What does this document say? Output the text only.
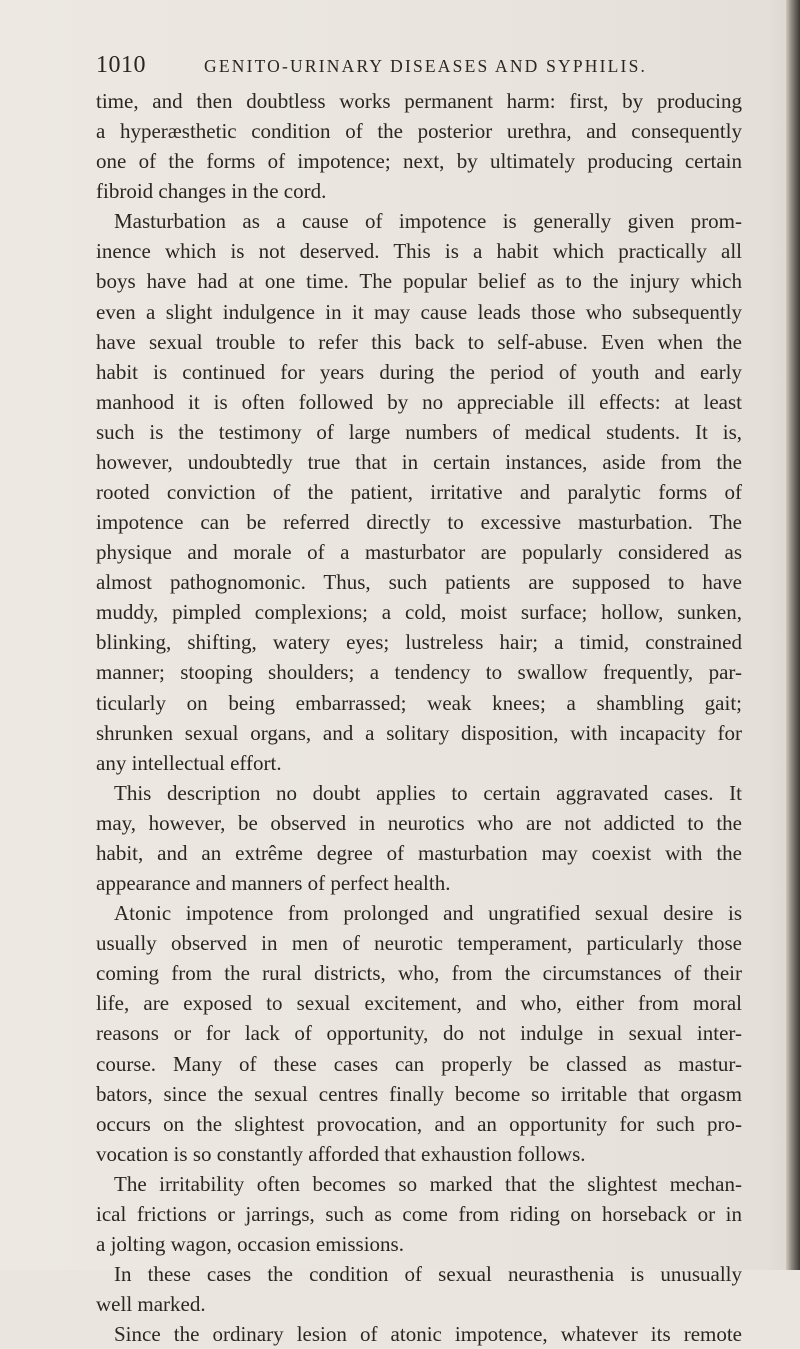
1010	GENITO-URINARY DISEASES AND SYPHILIS.
time, and then doubtless works permanent harm: first, by producing
a hyperæsthetic condition of the posterior urethra, and consequently
one of the forms of impotence; next, by ultimately producing certain
fibroid changes in the cord.
Masturbation as a cause of impotence is generally given prom-
inence which is not deserved. This is a habit which practically all
boys have had at one time. The popular belief as to the injury which
even a slight indulgence in it may cause leads those who subsequently
have sexual trouble to refer this back to self-abuse. Even when the
habit is continued for years during the period of youth and early
manhood it is often followed by no appreciable ill effects: at least
such is the testimony of large numbers of medical students. It is,
however, undoubtedly true that in certain instances, aside from the
rooted conviction of the patient, irritative and paralytic forms of
impotence can be referred directly to excessive masturbation. The
physique and morale of a masturbator are popularly considered as
almost pathognomonic. Thus, such patients are supposed to have
muddy, pimpled complexions; a cold, moist surface; hollow, sunken,
blinking, shifting, watery eyes; lustreless hair; a timid, constrained
manner; stooping shoulders; a tendency to swallow frequently, par-
ticularly on being embarrassed; weak knees; a shambling gait;
shrunken sexual organs, and a solitary disposition, with incapacity for
any intellectual effort.
This description no doubt applies to certain aggravated cases. It
may, however, be observed in neurotics who are not addicted to the
habit, and an extrême degree of masturbation may coexist with the
appearance and manners of perfect health.
Atonic impotence from prolonged and ungratified sexual desire is
usually observed in men of neurotic temperament, particularly those
coming from the rural districts, who, from the circumstances of their
life, are exposed to sexual excitement, and who, either from moral
reasons or for lack of opportunity, do not indulge in sexual inter-
course. Many of these cases can properly be classed as mastur-
bators, since the sexual centres finally become so irritable that orgasm
occurs on the slightest provocation, and an opportunity for such pro-
vocation is so constantly afforded that exhaustion follows.
The irritability often becomes so marked that the slightest mechan-
ical frictions or jarrings, such as come from riding on horseback or in
a jolting wagon, occasion emissions.
In these cases the condition of sexual neurasthenia is unusually
well marked.
Since the ordinary lesion of atonic impotence, whatever its remote
